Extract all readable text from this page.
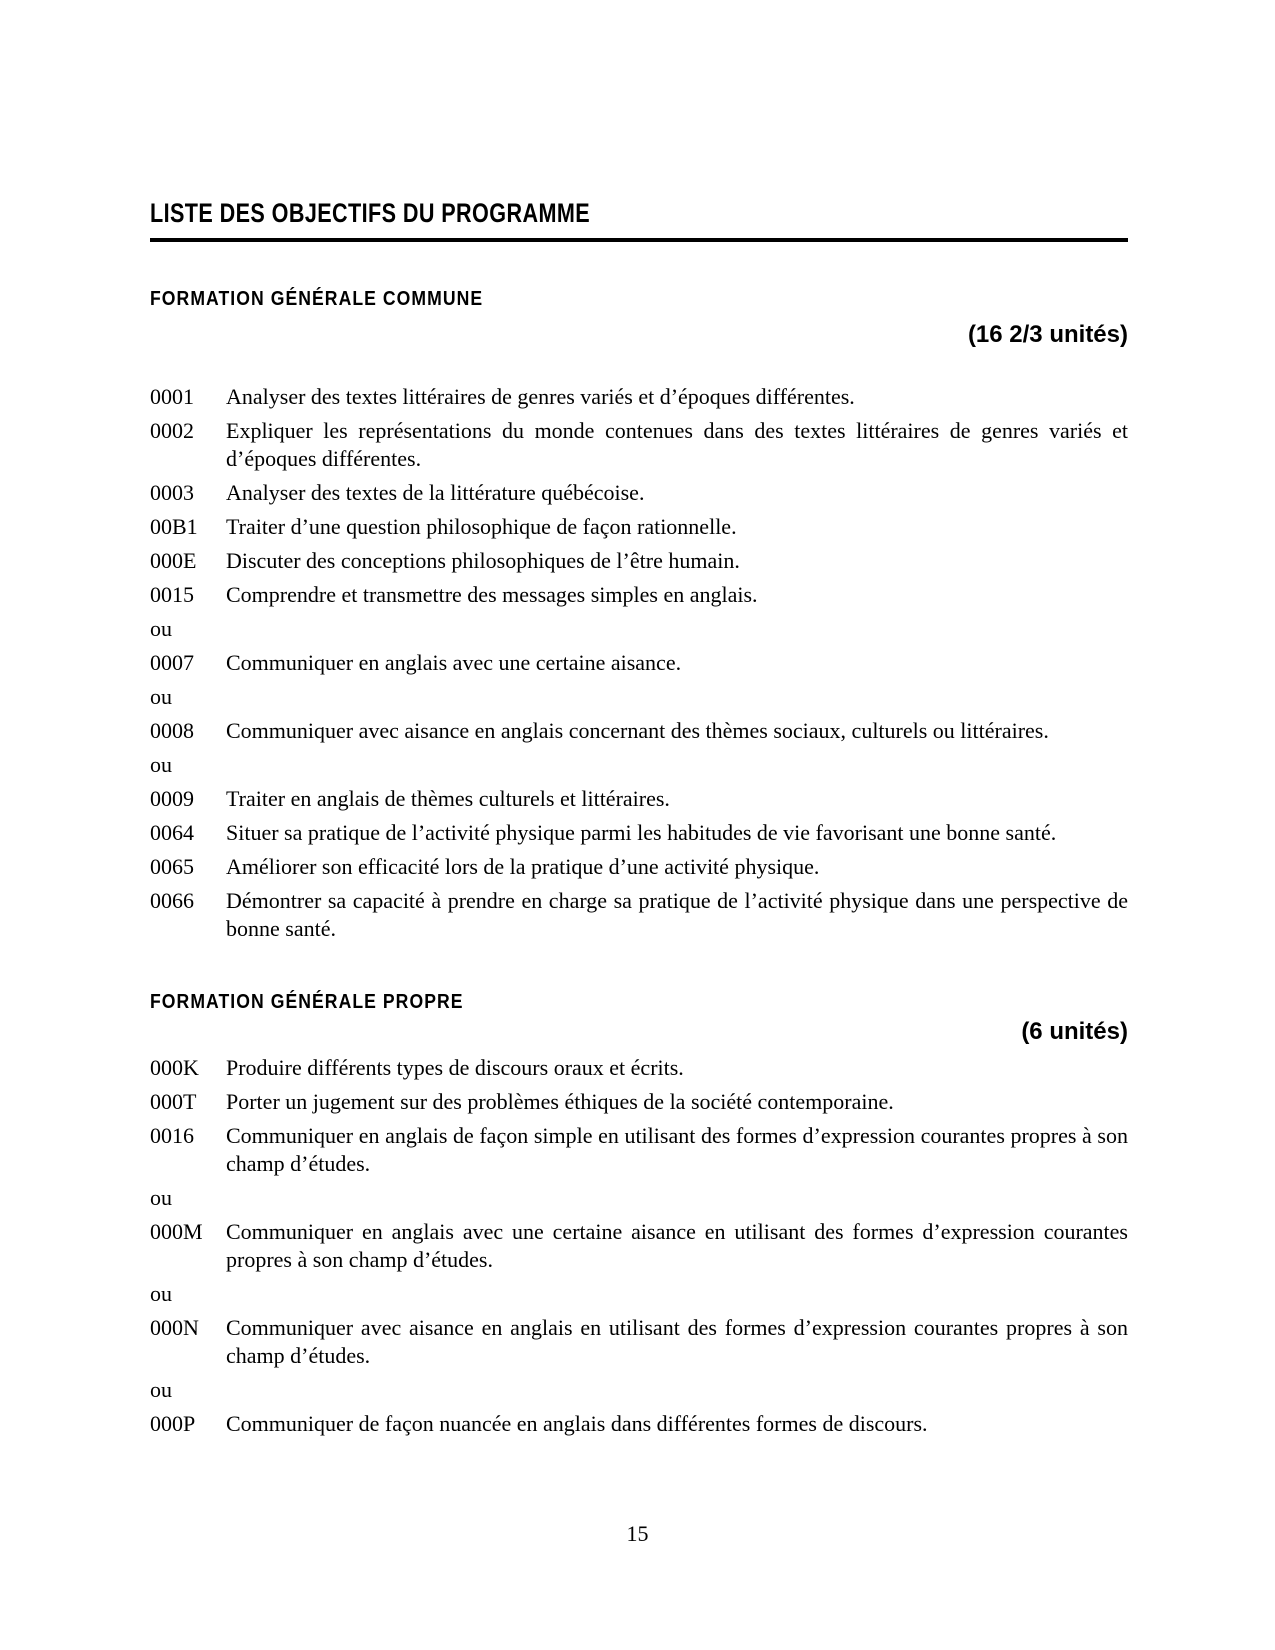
LISTE DES OBJECTIFS DU PROGRAMME
FORMATION GÉNÉRALE COMMUNE
(16 2/3 unités)
0001	Analyser des textes littéraires de genres variés et d’époques différentes.

0002	Expliquer les représentations du monde contenues dans des textes littéraires de genres variés et d’époques différentes.

0003	Analyser des textes de la littérature québécoise.

00B1	Traiter d’une question philosophique de façon rationnelle.

000E	Discuter des conceptions philosophiques de l’être humain.

0015	Comprendre et transmettre des messages simples en anglais.

ou
0007	Communiquer en anglais avec une certaine aisance.

ou
0008	Communiquer avec aisance en anglais concernant des thèmes sociaux, culturels ou littéraires.

ou
0009	Traiter en anglais de thèmes culturels et littéraires.

0064	Situer sa pratique de l’activité physique parmi les habitudes de vie favorisant une bonne santé.

0065	Améliorer son efficacité lors de la pratique d’une activité physique.

0066	Démontrer sa capacité à prendre en charge sa pratique de l’activité physique dans une perspective de bonne santé.

FORMATION GÉNÉRALE PROPRE
(6 unités)
000K	Produire différents types de discours oraux et écrits.

000T	Porter un jugement sur des problèmes éthiques de la société contemporaine.

0016	Communiquer en anglais de façon simple en utilisant des formes d’expression courantes propres à son champ d’études.

ou
000M	Communiquer en anglais avec une certaine aisance en utilisant des formes d’expression courantes propres à son champ d’études.

ou
000N	Communiquer avec aisance en anglais en utilisant des formes d’expression courantes propres à son champ d’études.

ou
000P	Communiquer de façon nuancée en anglais dans différentes formes de discours.

15
